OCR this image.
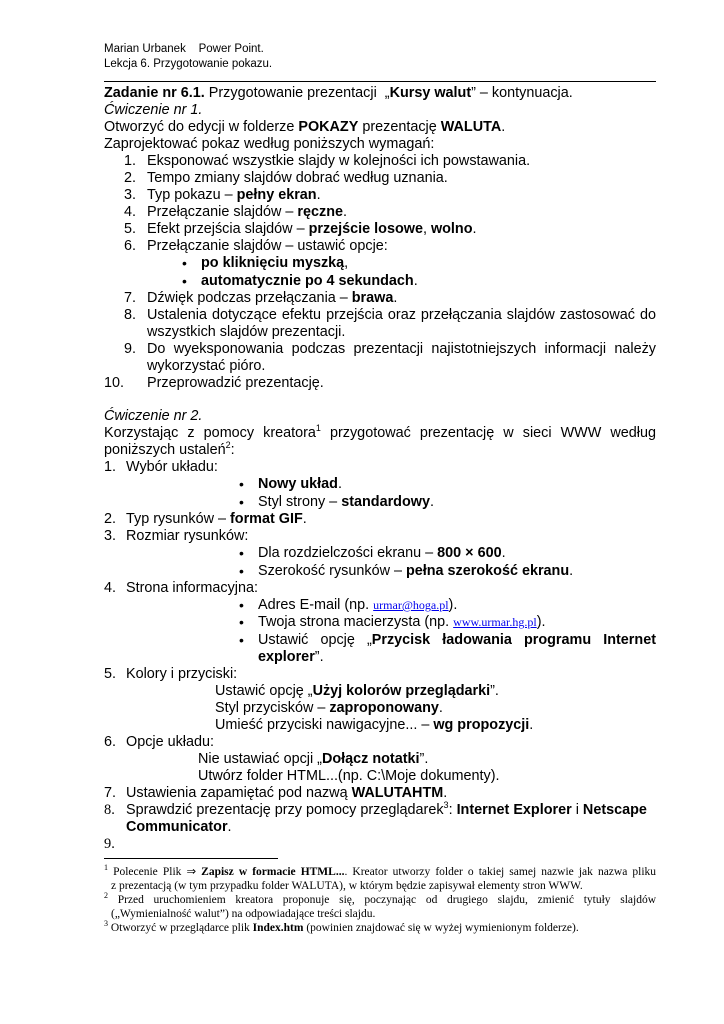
Marian Urbanek Power Point.
Lekcja 6. Przygotowanie pokazu.
Zadanie nr 6.1. Przygotowanie prezentacji „Kursy walut” – kontynuacja.
Ćwiczenie nr 1.
Otworzyć do edycji w folderze POKAZY prezentację WALUTA.
Zaprojektować pokaz według poniższych wymagań:
1. Eksponować wszystkie slajdy w kolejności ich powstawania.
2. Tempo zmiany slajdów dobrać według uznania.
3. Typ pokazu – pełny ekran.
4. Przełączanie slajdów – ręczne.
5. Efekt przejścia slajdów – przejście losowe, wolno.
6. Przełączanie slajdów – ustawić opcje:
• po kliknięciu myszką,
• automatycznie po 4 sekundach.
7. Dźwięk podczas przełączania – brawa.
8. Ustalenia dotyczące efektu przejścia oraz przełączania slajdów zastosować do
wszystkich slajdów prezentacji.
9. Do wyeksponowania podczas prezentacji najistotniejszych informacji należy
wykorzystać pióro.
10.	Przeprowadzić prezentację.
Ćwiczenie nr 2.
Korzystając z pomocy kreatora$^1$ przygotować prezentację w sieci WWW według
poniższych ustaleń$^2$:
1. Wybór układu:
• Nowy układ.
• Styl strony – standardowy.
2. Typ rysunków – format GIF.
3. Rozmiar rysunków:
• Dla rozdzielczości ekranu – 800 × 600.
• Szerokość rysunków – pełna szerokość ekranu.
4. Strona informacyjna:
• Adres E-mail (np. urmar@hoga.pl).
• Twoja strona macierzysta (np. www.urmar.hg.pl).
• Ustawić opcję „Przycisk ładowania programu Internet
explorer”.
5. Kolory i przyciski:
Ustawić opcję „Użyj kolorów przeglądarki”.
Styl przycisków – zaproponowany.
Umieść przyciski nawigacyjne... – wg propozycji.
6. Opcje układu:
Nie ustawiać opcji „Dołącz notatki”.
Utwórz folder HTML...(np. C:\Moje dokumenty).
7. Ustawienia zapamiętać pod nazwą WALUTAHTM.
8. Sprawdzić prezentację przy pomocy przeglądarek$^3$: Internet Explorer i Netscape
Communicator.
9.
$^1$ Polecenie Plik ⇒ Zapisz w formacie HTML.... Kreator utworzy folder o takiej samej nazwie jak nazwa pliku
z prezentacją (w tym przypadku folder WALUTA), w którym będzie zapisywał elementy stron WWW.
$^2$ Przed uruchomieniem kreatora proponuje się, poczynając od drugiego slajdu, zmienić tytuły slajdów
(„Wymienialność walut”) na odpowiadające treści slajdu.
$^3$ Otworzyć w przeglądarce plik Index.htm (powinien znajdować się w wyżej wymienionym folderze).
